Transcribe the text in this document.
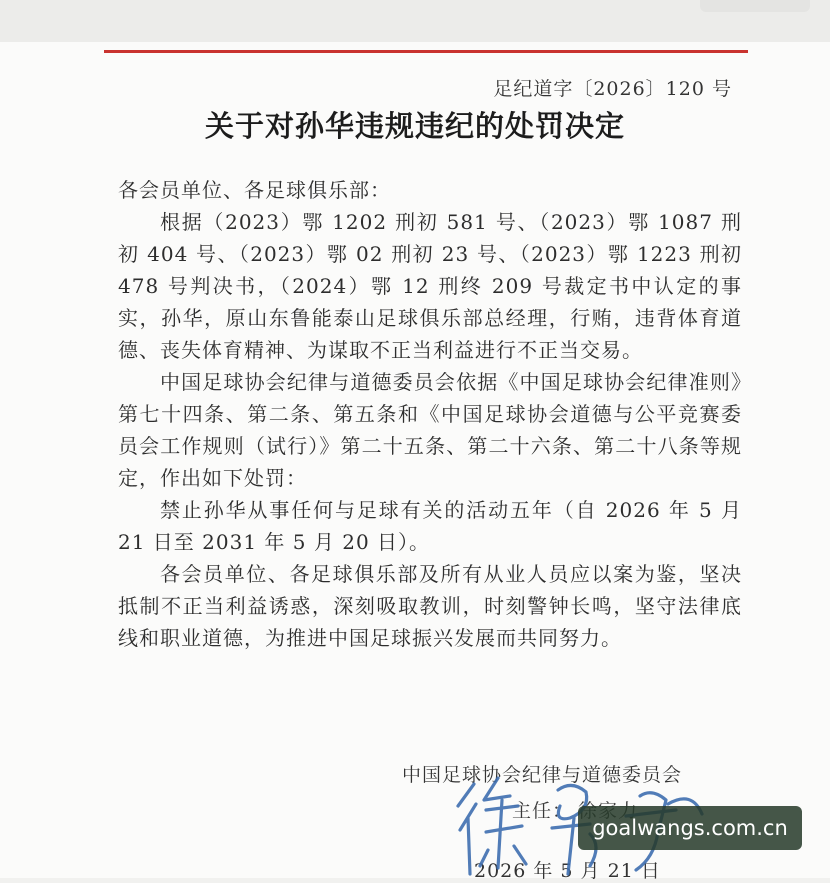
足纪道字〔2026〕120 号
关于对孙华违规违纪的处罚决定

各会员单位、各足球俱乐部：

根据（2023）鄂 1202 刑初 581 号、（2023）鄂 1087 刑初 404 号、（2023）鄂 02 刑初 23 号、（2023）鄂 1223 刑初 478 号判决书，（2024）鄂 12 刑终 209 号裁定书中认定的事实，孙华，原山东鲁能泰山足球俱乐部总经理，行贿，违背体育道德、丧失体育精神、为谋取不正当利益进行不正当交易。

中国足球协会纪律与道德委员会依据《中国足球协会纪律准则》第七十四条、第二条、第五条和《中国足球协会道德与公平竞赛委员会工作规则（试行）》第二十五条、第二十六条、第二十八条等规定，作出如下处罚：

禁止孙华从事任何与足球有关的活动五年（自 2026 年 5 月 21 日至 2031 年 5 月 20 日）。

各会员单位、各足球俱乐部及所有从业人员应以案为鉴，坚决抵制不正当利益诱惑，深刻吸取教训，时刻警钟长鸣，坚守法律底线和职业道德，为推进中国足球振兴发展而共同努力。

中国足球协会纪律与道德委员会
主任：
2026 年 5 月 21 日
goalwangs.com.cn
